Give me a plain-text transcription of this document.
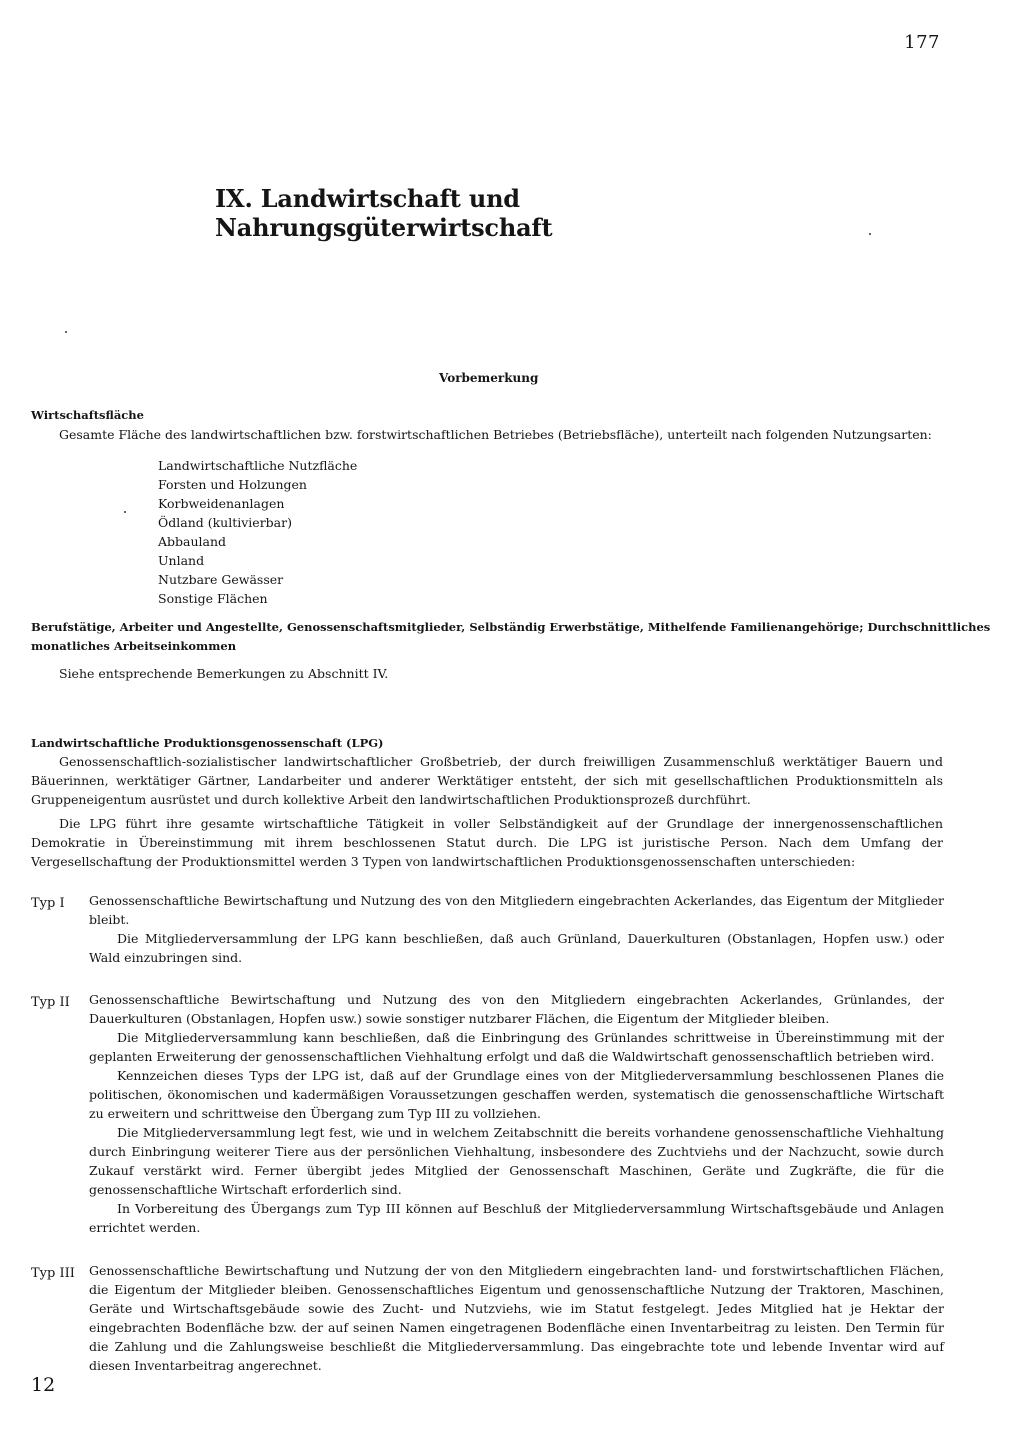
177
IX. Landwirtschaft und Nahrungsgüterwirtschaft
Vorbemerkung
Wirtschaftsfläche
Gesamte Fläche des landwirtschaftlichen bzw. forstwirtschaftlichen Betriebes (Betriebsfläche), unterteilt nach folgenden Nutzungsarten:
Landwirtschaftliche Nutzfläche
Forsten und Holzungen
Korbweidenanlagen
Ödland (kultivierbar)
Abbauland
Unland
Nutzbare Gewässer
Sonstige Flächen
Berufstätige, Arbeiter und Angestellte, Genossenschaftsmitglieder, Selbständig Erwerbstätige, Mithelfende Familienangehörige; Durchschnittliches
monatliches Arbeitseinkommen
Siehe entsprechende Bemerkungen zu Abschnitt IV.
Landwirtschaftliche Produktionsgenossenschaft (LPG)
Genossenschaftlich-sozialistischer landwirtschaftlicher Großbetrieb, der durch freiwilligen Zusammenschluß werktätiger Bauern und Bäuerinnen, werktätiger Gärtner, Landarbeiter und anderer Werktätiger entsteht, der sich mit gesellschaftlichen Produktionsmitteln als Gruppeneigentum ausrüstet und durch kollektive Arbeit den landwirtschaftlichen Produktionsprozeß durchführt.
Die LPG führt ihre gesamte wirtschaftliche Tätigkeit in voller Selbständigkeit auf der Grundlage der innergenossenschaftlichen Demokratie in Übereinstimmung mit ihrem beschlossenen Statut durch. Die LPG ist juristische Person. Nach dem Umfang der Vergesellschaftung der Produktionsmittel werden 3 Typen von landwirtschaftlichen Produktionsgenossenschaften unterschieden:
Typ I Genossenschaftliche Bewirtschaftung und Nutzung des von den Mitgliedern eingebrachten Ackerlandes, das Eigentum der Mitglieder bleibt.

Die Mitgliederversammlung der LPG kann beschließen, daß auch Grünland, Dauerkulturen (Obstanlagen, Hopfen usw.) oder Wald einzubringen sind.

Typ II Genossenschaftliche Bewirtschaftung und Nutzung des von den Mitgliedern eingebrachten Ackerlandes, Grünlandes, der Dauerkulturen (Obstanlagen, Hopfen usw.) sowie sonstiger nutzbarer Flächen, die Eigentum der Mitglieder bleiben.

Die Mitgliederversammlung kann beschließen, daß die Einbringung des Grünlandes schrittweise in Übereinstimmung mit der geplanten Erweiterung der genossenschaftlichen Viehhaltung erfolgt und daß die Waldwirtschaft genossenschaftlich betrieben wird.

Kennzeichen dieses Typs der LPG ist, daß auf der Grundlage eines von der Mitgliederversammlung beschlossenen Planes die politischen, ökonomischen und kadermäßigen Voraussetzungen geschaffen werden, systematisch die genossenschaftliche Wirtschaft zu erweitern und schrittweise den Übergang zum Typ III zu vollziehen.

Die Mitgliederversammlung legt fest, wie und in welchem Zeitabschnitt die bereits vorhandene genossenschaftliche Viehhaltung durch Einbringung weiterer Tiere aus der persönlichen Viehhaltung, insbesondere des Zuchtviehs und der Nachzucht, sowie durch Zukauf verstärkt wird. Ferner übergibt jedes Mitglied der Genossenschaft Maschinen, Geräte und Zugkräfte, die für die genossenschaftliche Wirtschaft erforderlich sind.

In Vorbereitung des Übergangs zum Typ III können auf Beschluß der Mitgliederversammlung Wirtschaftsgebäude und Anlagen errichtet werden.

Typ III Genossenschaftliche Bewirtschaftung und Nutzung der von den Mitgliedern eingebrachten land- und forstwirtschaftlichen Flächen, die Eigentum der Mitglieder bleiben. Genossenschaftliches Eigentum und genossenschaftliche Nutzung der Traktoren, Maschinen, Geräte und Wirtschaftsgebäude sowie des Zucht- und Nutzviehs, wie im Statut festgelegt. Jedes Mitglied hat je Hektar der eingebrachten Bodenfläche bzw. der auf seinen Namen eingetragenen Bodenfläche einen Inventarbeitrag zu leisten. Den Termin für die Zahlung und die Zahlungsweise beschließt die Mitgliederversammlung. Das eingebrachte tote und lebende Inventar wird auf diesen Inventarbeitrag angerechnet.

12
